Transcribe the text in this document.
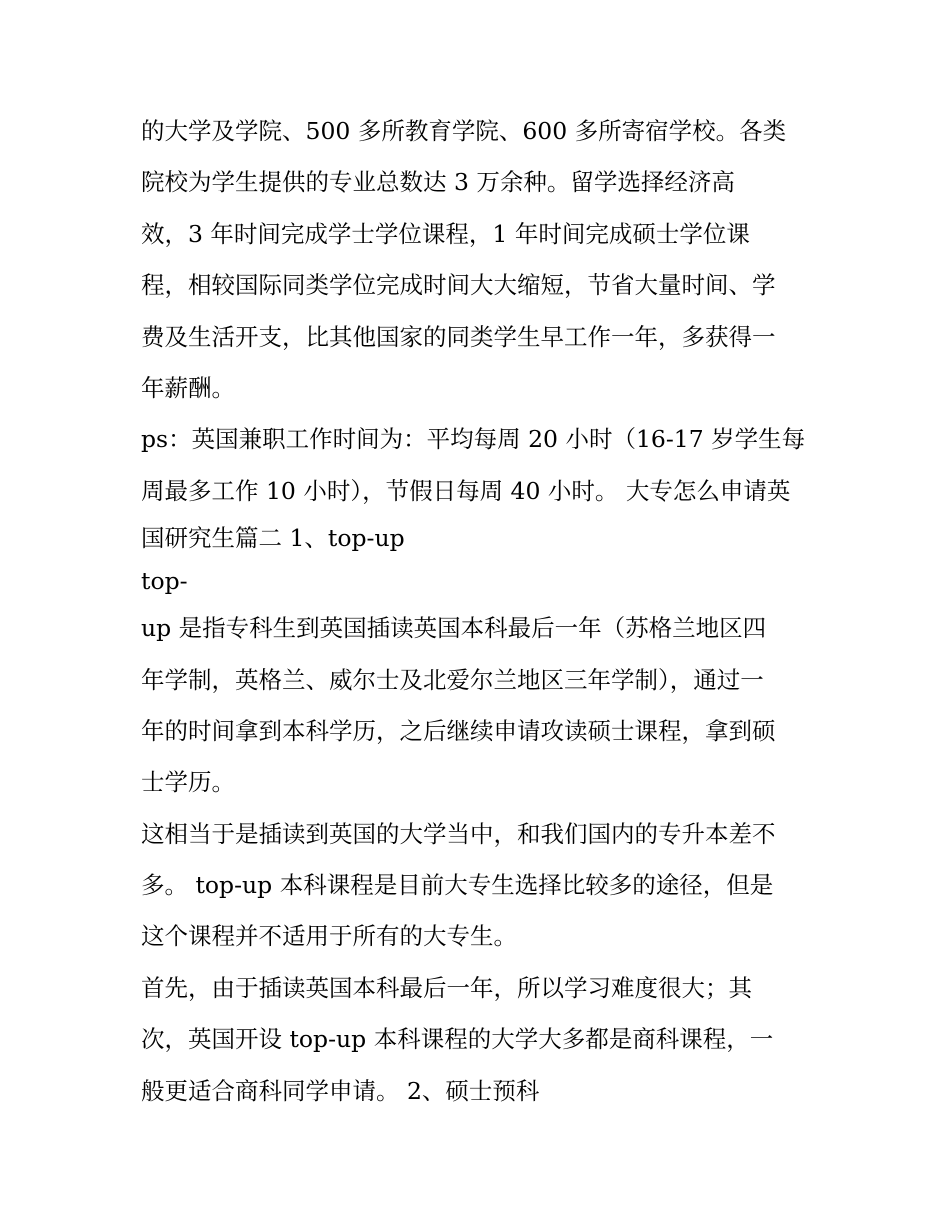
的大学及学院、500 多所教育学院、600 多所寄宿学校。各类
院校为学生提供的专业总数达 3 万余种。留学选择经济高
效，3 年时间完成学士学位课程，1 年时间完成硕士学位课
程，相较国际同类学位完成时间大大缩短，节省大量时间、学
费及生活开支，比其他国家的同类学生早工作一年，多获得一
年薪酬。
ps：英国兼职工作时间为：平均每周 20 小时（16-17 岁学生每
周最多工作 10 小时），节假日每周 40 小时。 大专怎么申请英
国研究生篇二 1、top-up
top-
up 是指专科生到英国插读英国本科最后一年（苏格兰地区四
年学制，英格兰、威尔士及北爱尔兰地区三年学制），通过一
年的时间拿到本科学历，之后继续申请攻读硕士课程，拿到硕
士学历。
这相当于是插读到英国的大学当中，和我们国内的专升本差不
多。 top-up 本科课程是目前大专生选择比较多的途径，但是
这个课程并不适用于所有的大专生。
首先，由于插读英国本科最后一年，所以学习难度很大；其
次，英国开设 top-up 本科课程的大学大多都是商科课程，一
般更适合商科同学申请。 2、硕士预科
